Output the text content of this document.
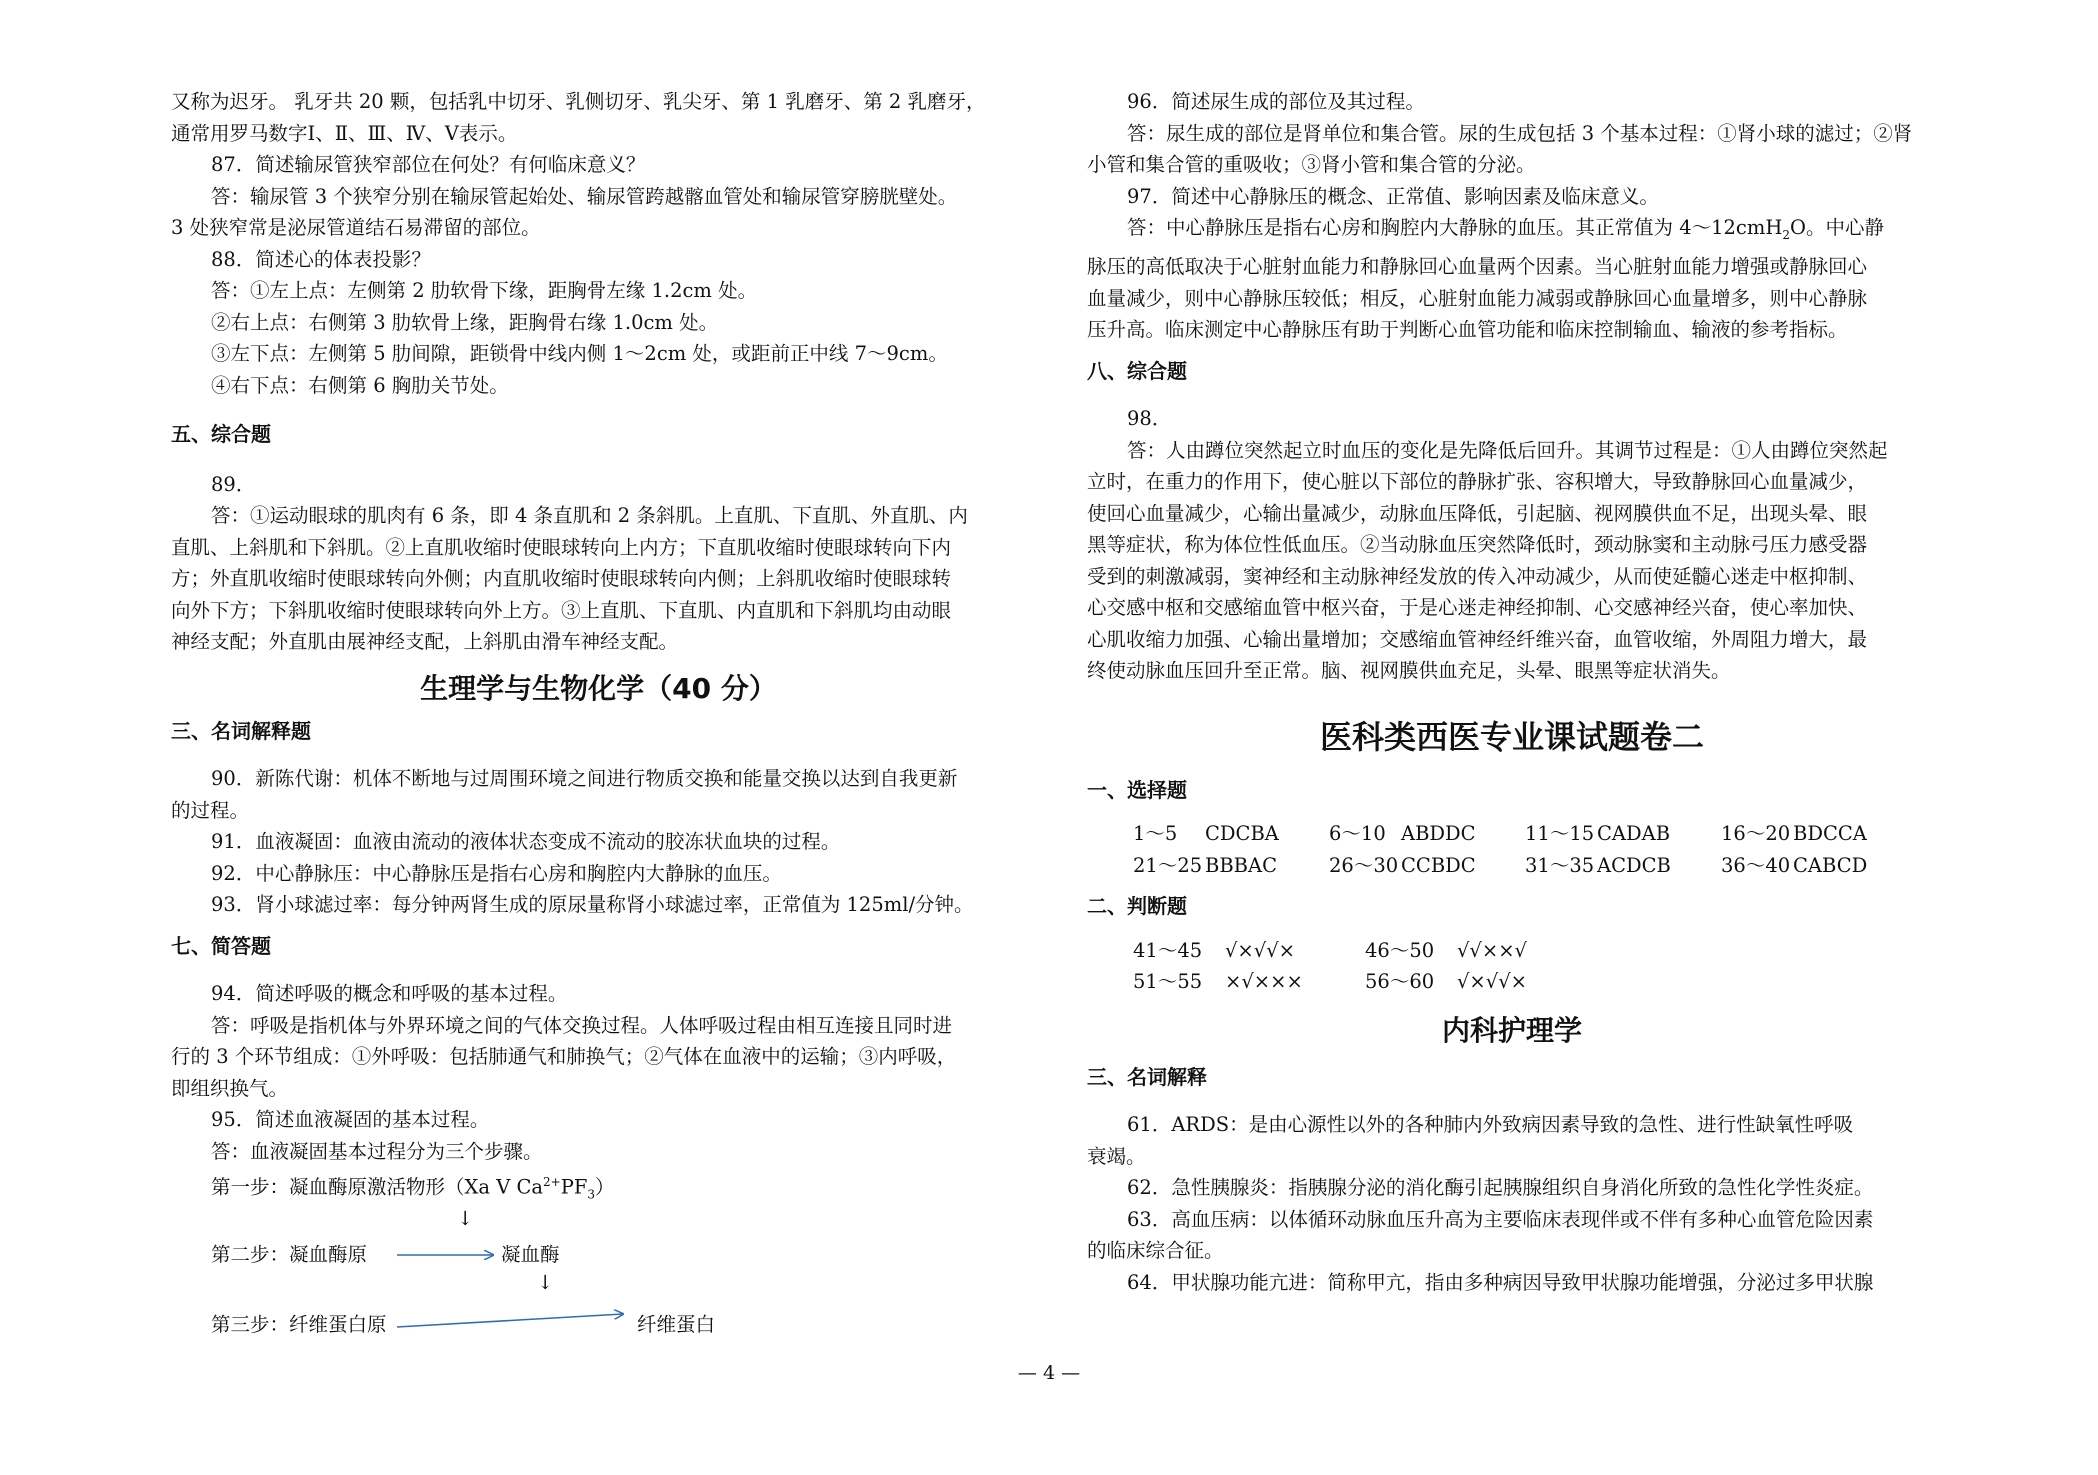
又称为迟牙。 乳牙共 20 颗，包括乳中切牙、乳侧切牙、乳尖牙、第 1 乳磨牙、第 2 乳磨牙，
通常用罗马数字Ⅰ、Ⅱ、Ⅲ、Ⅳ、Ⅴ表示。
87．简述输尿管狭窄部位在何处？有何临床意义？
答：输尿管 3 个狭窄分别在输尿管起始处、输尿管跨越髂血管处和输尿管穿膀胱壁处。
3 处狭窄常是泌尿管道结石易滞留的部位。
88．简述心的体表投影？
答：①左上点：左侧第 2 肋软骨下缘，距胸骨左缘 1.2cm 处。
②右上点：右侧第 3 肋软骨上缘，距胸骨右缘 1.0cm 处。
③左下点：左侧第 5 肋间隙，距锁骨中线内侧 1～2cm 处，或距前正中线 7～9cm。
④右下点：右侧第 6 胸肋关节处。
五、综合题
89．
答：①运动眼球的肌肉有 6 条，即 4 条直肌和 2 条斜肌。上直肌、下直肌、外直肌、内
直肌、上斜肌和下斜肌。②上直肌收缩时使眼球转向上内方；下直肌收缩时使眼球转向下内
方；外直肌收缩时使眼球转向外侧；内直肌收缩时使眼球转向内侧；上斜肌收缩时使眼球转
向外下方；下斜肌收缩时使眼球转向外上方。③上直肌、下直肌、内直肌和下斜肌均由动眼
神经支配；外直肌由展神经支配，上斜肌由滑车神经支配。
生理学与生物化学（40 分）
三、名词解释题
90．新陈代谢：机体不断地与过周围环境之间进行物质交换和能量交换以达到自我更新
的过程。
91．血液凝固：血液由流动的液体状态变成不流动的胶冻状血块的过程。
92．中心静脉压：中心静脉压是指右心房和胸腔内大静脉的血压。
93．肾小球滤过率：每分钟两肾生成的原尿量称肾小球滤过率，正常值为 125ml/分钟。
七、简答题
94．简述呼吸的概念和呼吸的基本过程。
答：呼吸是指机体与外界环境之间的气体交换过程。人体呼吸过程由相互连接且同时进
行的 3 个环节组成：①外呼吸：包括肺通气和肺换气；②气体在血液中的运输；③内呼吸，
即组织换气。
95．简述血液凝固的基本过程。
答：血液凝固基本过程分为三个步骤。
第一步：凝血酶原激活物形（Xa V $Ca^{2+}PF_3$）
↓
第二步：凝血酶原	凝血酶
↓
第三步：纤维蛋白原	纤维蛋白
96．简述尿生成的部位及其过程。
答：尿生成的部位是肾单位和集合管。尿的生成包括 3 个基本过程：①肾小球的滤过；②肾
小管和集合管的重吸收；③肾小管和集合管的分泌。
97．简述中心静脉压的概念、正常值、影响因素及临床意义。
答：中心静脉压是指右心房和胸腔内大静脉的血压。其正常值为 4～12cmH$_2$O。中心静
脉压的高低取决于心脏射血能力和静脉回心血量两个因素。当心脏射血能力增强或静脉回心
血量减少，则中心静脉压较低；相反，心脏射血能力减弱或静脉回心血量增多，则中心静脉
压升高。临床测定中心静脉压有助于判断心血管功能和临床控制输血、输液的参考指标。
八、综合题
98．
答：人由蹲位突然起立时血压的变化是先降低后回升。其调节过程是：①人由蹲位突然起
立时，在重力的作用下，使心脏以下部位的静脉扩张、容积增大，导致静脉回心血量减少，
使回心血量减少，心输出量减少，动脉血压降低，引起脑、视网膜供血不足，出现头晕、眼
黑等症状，称为体位性低血压。②当动脉血压突然降低时，颈动脉窦和主动脉弓压力感受器
受到的刺激减弱，窦神经和主动脉神经发放的传入冲动减少，从而使延髓心迷走中枢抑制、
心交感中枢和交感缩血管中枢兴奋，于是心迷走神经抑制、心交感神经兴奋，使心率加快、
心肌收缩力加强、心输出量增加；交感缩血管神经纤维兴奋，血管收缩，外周阻力增大，最
终使动脉血压回升至正常。脑、视网膜供血充足，头晕、眼黑等症状消失。
医科类西医专业课试题卷二
一、选择题
1～5	CDCBA	6～10 ABDDC	11～15 CADAB	16～20 BDCCA
21～25 BBBAC	26～30 CCBDC	31～35 ACDCB	36～40 CABCD
二、判断题
41～45	√×√√×	46～50	√√××√
51～55	×√×××	56～60	√×√√×
内科护理学
三、名词解释
61．ARDS：是由心源性以外的各种肺内外致病因素导致的急性、进行性缺氧性呼吸
衰竭。
62．急性胰腺炎：指胰腺分泌的消化酶引起胰腺组织自身消化所致的急性化学性炎症。
63．高血压病：以体循环动脉血压升高为主要临床表现伴或不伴有多种心血管危险因素
的临床综合征。
64．甲状腺功能亢进：简称甲亢，指由多种病因导致甲状腺功能增强，分泌过多甲状腺
— 4 —
